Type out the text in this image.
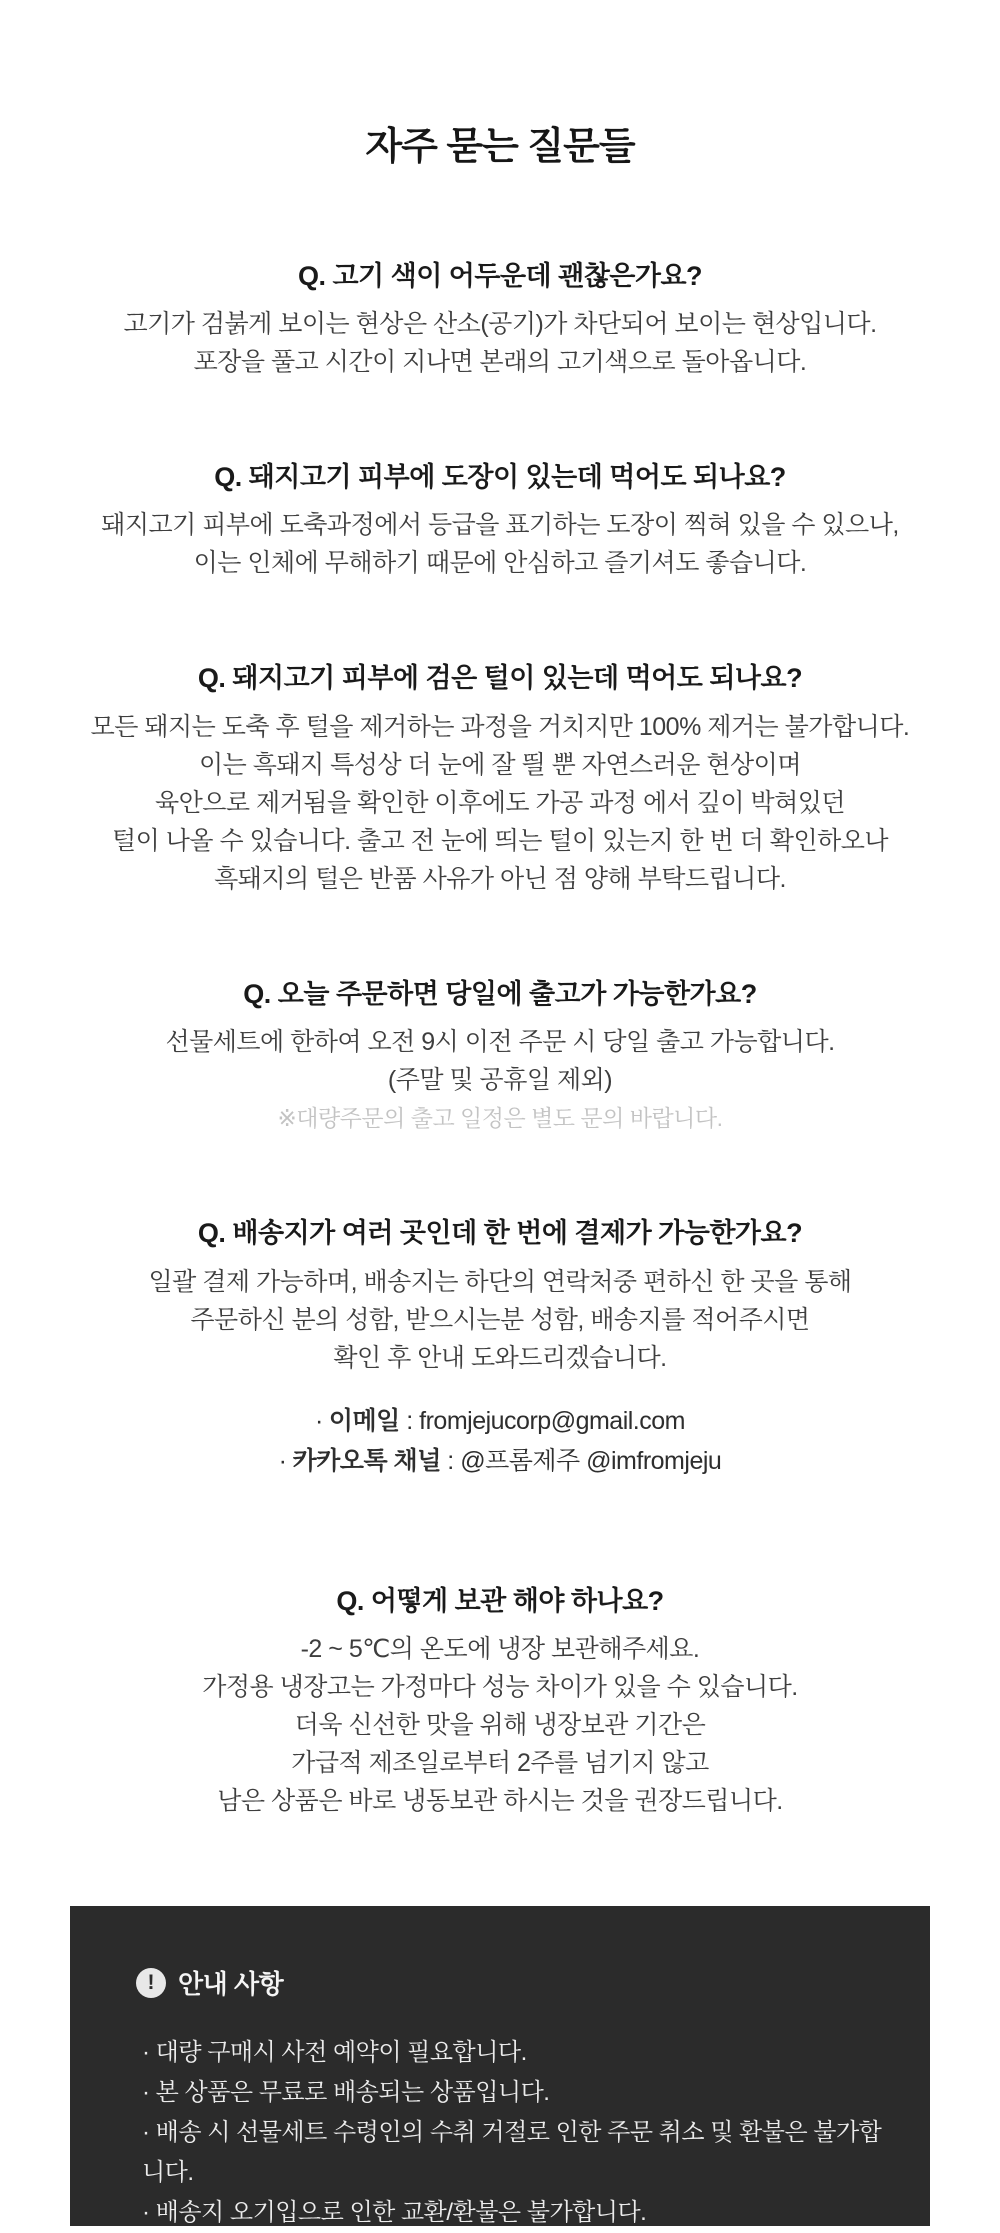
자주 묻는 질문들
Q. 고기 색이 어두운데 괜찮은가요?

고기가 검붉게 보이는 현상은 산소(공기)가 차단되어 보이는 현상입니다.

포장을 풀고 시간이 지나면 본래의 고기색으로 돌아옵니다.

Q. 돼지고기 피부에 도장이 있는데 먹어도 되나요?

돼지고기 피부에 도축과정에서 등급을 표기하는 도장이 찍혀 있을 수 있으나,

이는 인체에 무해하기 때문에 안심하고 즐기셔도 좋습니다.

Q. 돼지고기 피부에 검은 털이 있는데 먹어도 되나요?

모든 돼지는 도축 후 털을 제거하는 과정을 거치지만 100% 제거는 불가합니다.

이는 흑돼지 특성상 더 눈에 잘 띌 뿐 자연스러운 현상이며

육안으로 제거됨을 확인한 이후에도 가공 과정 에서 깊이 박혀있던

털이 나올 수 있습니다. 출고 전 눈에 띄는 털이 있는지 한 번 더 확인하오나

흑돼지의 털은 반품 사유가 아닌 점 양해 부탁드립니다.

Q. 오늘 주문하면 당일에 출고가 가능한가요?

선물세트에 한하여 오전 9시 이전 주문 시 당일 출고 가능합니다.

(주말 및 공휴일 제외)

※대량주문의 출고 일정은 별도 문의 바랍니다.

Q. 배송지가 여러 곳인데 한 번에 결제가 가능한가요?

일괄 결제 가능하며, 배송지는 하단의 연락처중 편하신 한 곳을 통해

주문하신 분의 성함, 받으시는분 성함, 배송지를 적어주시면

확인 후 안내 도와드리겠습니다.

· 이메일 : fromjejucorp@gmail.com

· 카카오톡 채널 : @프롬제주 @imfromjeju

Q. 어떻게 보관 해야 하나요?

-2 ~ 5℃의 온도에 냉장 보관해주세요.

가정용 냉장고는 가정마다 성능 차이가 있을 수 있습니다.

더욱 신선한 맛을 위해 냉장보관 기간은

가급적 제조일로부터 2주를 넘기지 않고

남은 상품은 바로 냉동보관 하시는 것을 권장드립니다.

! 안내 사항

· 대량 구매시 사전 예약이 필요합니다.

· 본 상품은 무료로 배송되는 상품입니다.

· 배송 시 선물세트 수령인의 수취 거절로 인한 주문 취소 및 환불은 불가합니다.

· 배송지 오기입으로 인한 교환/환불은 불가합니다.
